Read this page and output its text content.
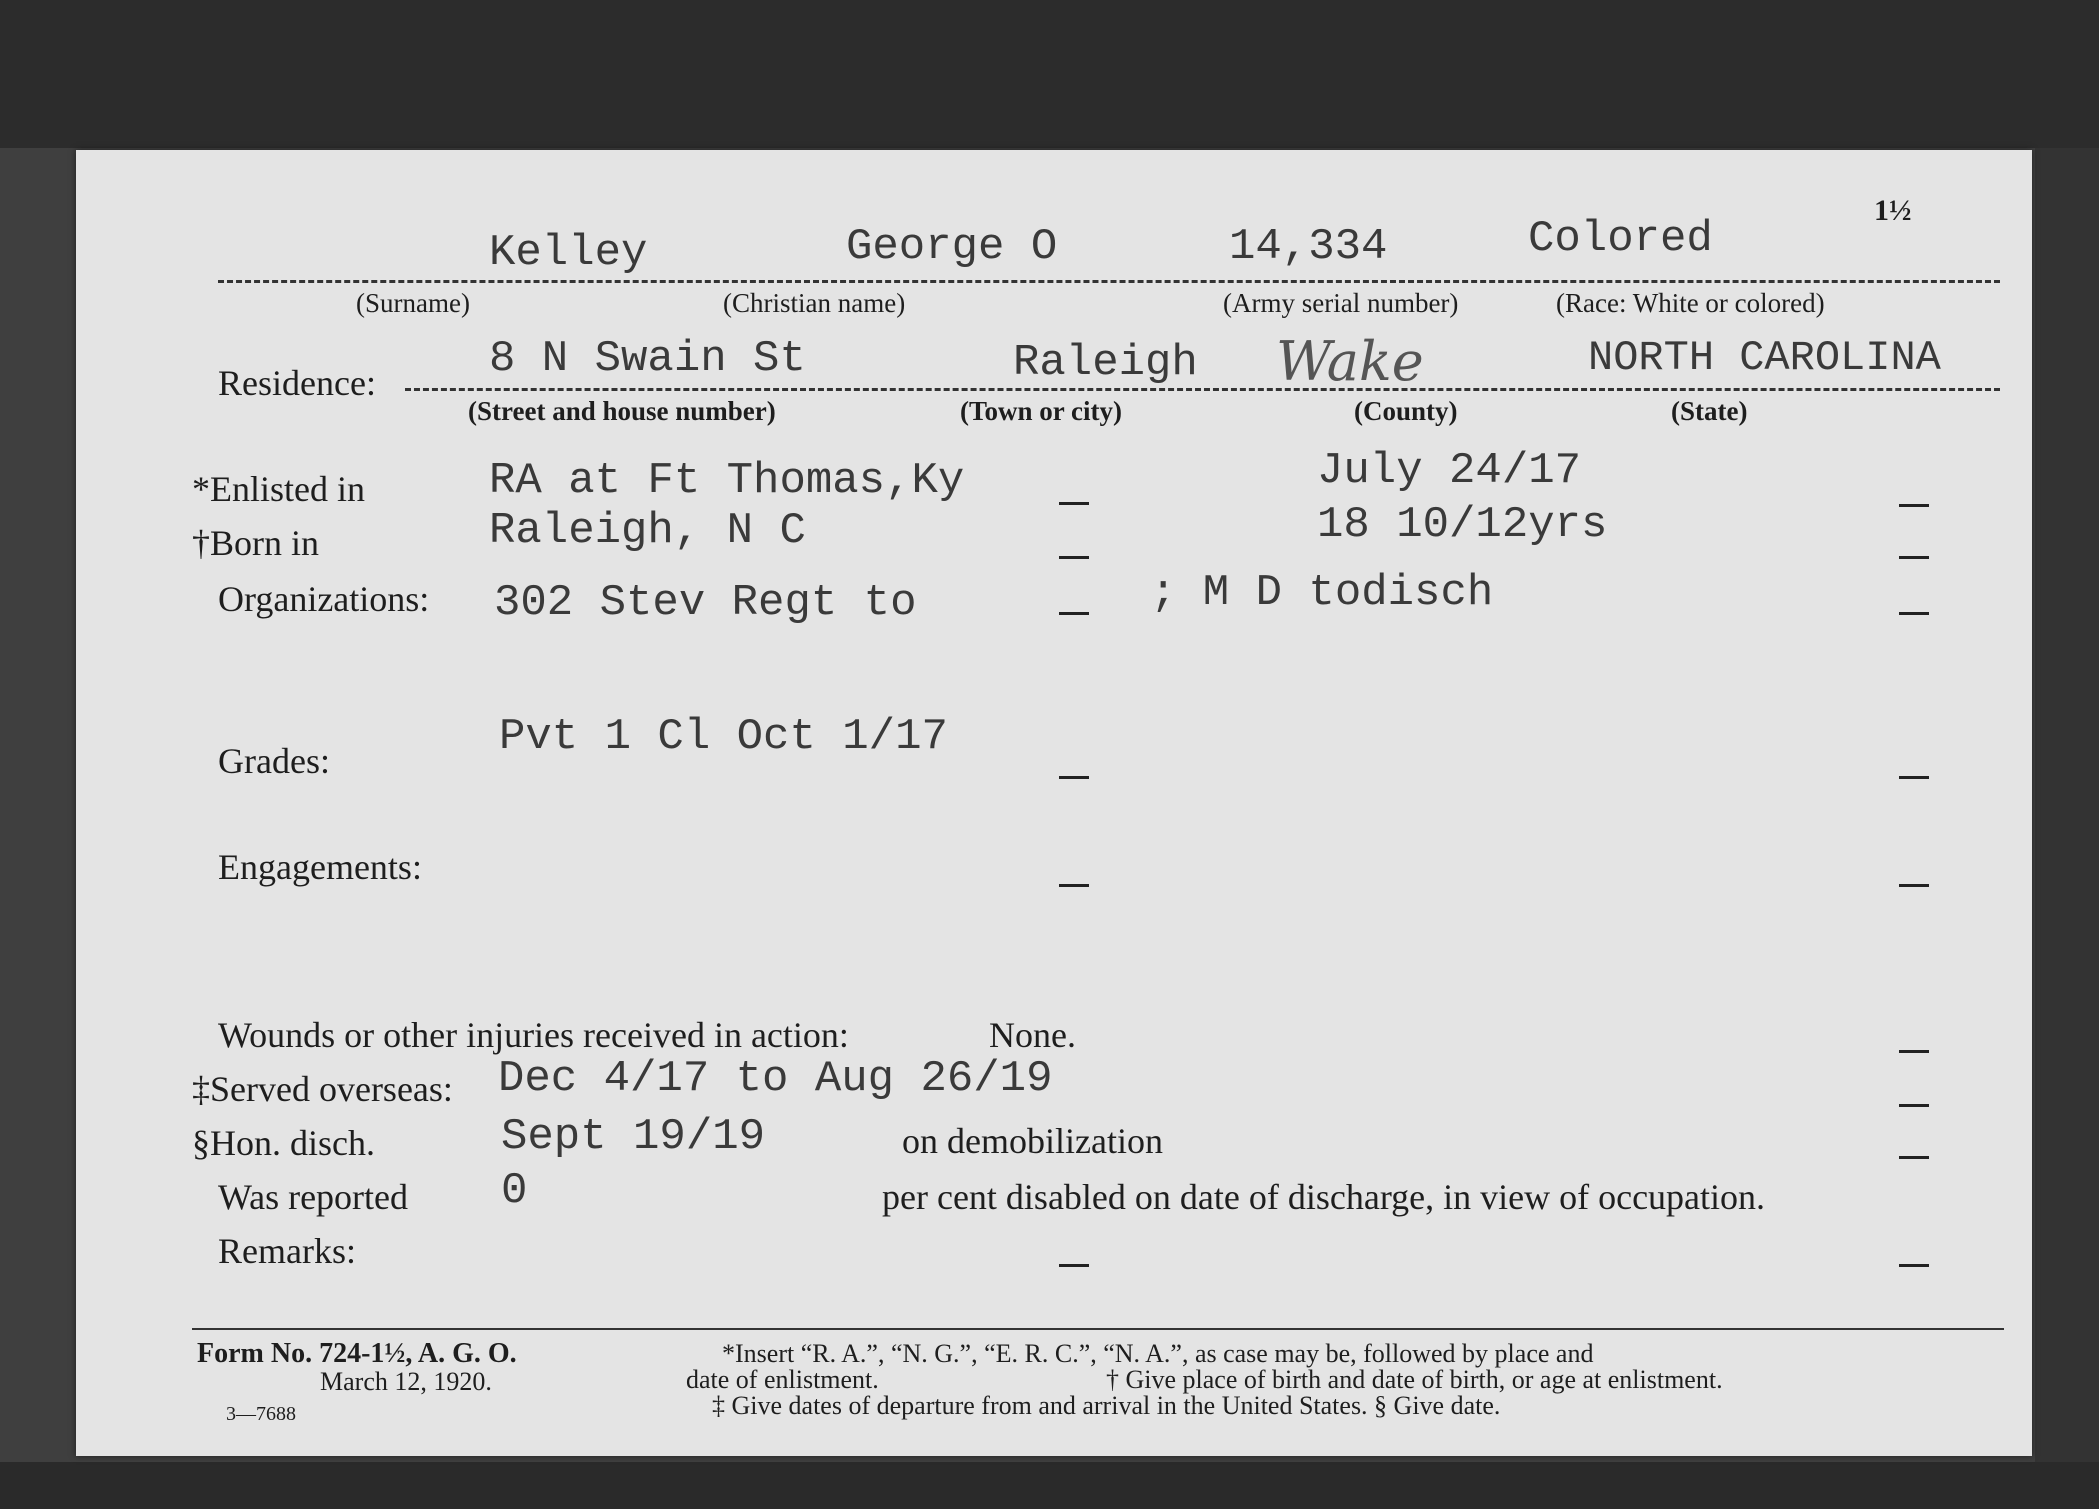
1½
Kelley	George O	14,334	Colored
(Surname)	(Christian name)	(Army serial number)	(Race: White or colored)
Residence:	8 N Swain St	Raleigh Wake	NORTH CAROLINA
(Street and house number)	(Town or city)	(County)	(State)
*Enlisted in	RA at Ft Thomas,Ky	July 24/17
†Born in	Raleigh, N C	18 10/12yrs
Organizations: 302 Stev Regt to	; M D todisch
Grades:	Pvt 1 Cl Oct 1/17
Engagements:
Wounds or other injuries received in action:	None.
‡Served overseas: Dec 4/17 to Aug 26/19
§Hon. disch.	Sept 19/19	on demobilization
Was reported 0	per cent disabled on date of discharge, in view of occupation.
Remarks:
Form No. 724-1½, A. G. O.
March 12, 1920.
3—7688
*Insert “R. A.”, “N. G.”, “E. R. C.”, “N. A.”, as case may be, followed by place and
date of enlistment.	† Give place of birth and date of birth, or age at enlistment.
‡ Give dates of departure from and arrival in the United States. § Give date.
